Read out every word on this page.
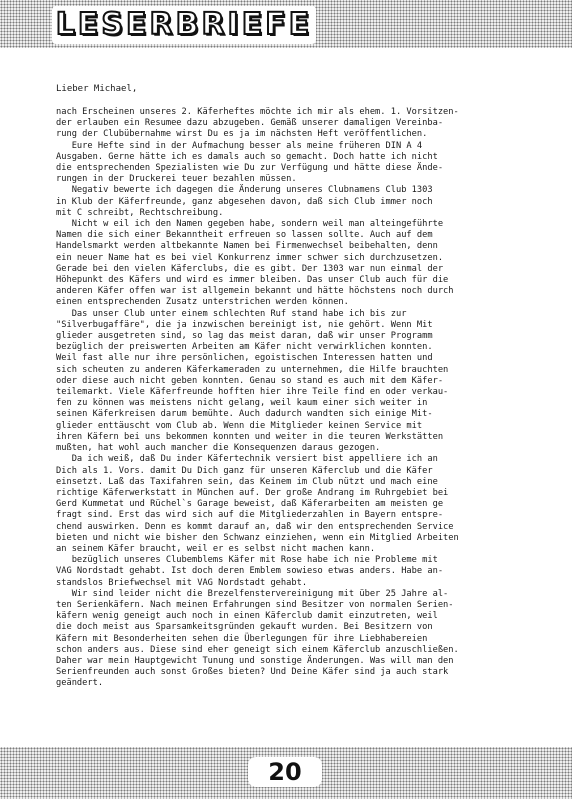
LESERBRIEFE
Lieber Michael,
nach Erscheinen unseres 2. Käferheftes möchte ich mir als ehem. 1. Vorsitzen-
der erlauben ein Resumee dazu abzugeben. Gemäß unserer damaligen Vereinba-
rung der Clubübernahme wirst Du es ja im nächsten Heft veröffentlichen.
Eure Hefte sind in der Aufmachung besser als meine früheren DIN A 4
Ausgaben. Gerne hätte ich es damals auch so gemacht. Doch hatte ich nicht
die entsprechenden Spezialisten wie Du zur Verfügung und hätte diese Ände-
rungen in der Druckerei teuer bezahlen müssen.
Negativ bewerte ich dagegen die Änderung unseres Clubnamens Club 1303
in Klub der Käferfreunde, ganz abgesehen davon, daß sich Club immer noch
mit C schreibt, Rechtschreibung.
Nicht w eil ich den Namen gegeben habe, sondern weil man alteingeführte
Namen die sich einer Bekanntheit erfreuen so lassen sollte. Auch auf dem
Handelsmarkt werden altbekannte Namen bei Firmenwechsel beibehalten, denn
ein neuer Name hat es bei viel Konkurrenz immer schwer sich durchzusetzen.
Gerade bei den vielen Käferclubs, die es gibt. Der 1303 war nun einmal der
Höhepunkt des Käfers und wird es immer bleiben. Das unser Club auch für die
anderen Käfer offen war ist allgemein bekannt und hätte höchstens noch durch
einen entsprechenden Zusatz unterstrichen werden können.
Das unser Club unter einem schlechten Ruf stand habe ich bis zur
"Silverbugaffäre", die ja inzwischen bereinigt ist, nie gehört. Wenn Mit
glieder ausgetreten sind, so lag das meist daran, daß wir unser Programm
bezüglich der preiswerten Arbeiten am Käfer nicht verwirklichen konnten.
Weil fast alle nur ihre persönlichen, egoistischen Interessen hatten und
sich scheuten zu anderen Käferkameraden zu unternehmen, die Hilfe brauchten
oder diese auch nicht geben konnten. Genau so stand es auch mit dem Käfer-
teilemarkt. Viele Käferfreunde hofften hier ihre Teile find en oder verkau-
fen zu können was meistens nicht gelang, weil kaum einer sich weiter in
seinen Käferkreisen darum bemühte. Auch dadurch wandten sich einige Mit-
glieder enttäuscht vom Club ab. Wenn die Mitglieder keinen Service mit
ihren Käfern bei uns bekommen konnten und weiter in die teuren Werkstätten
mußten, hat wohl auch mancher die Konsequenzen daraus gezogen.
Da ich weiß, daß Du inder Käfertechnik versiert bist appelliere ich an
Dich als 1. Vors. damit Du Dich ganz für unseren Käferclub und die Käfer
einsetzt. Laß das Taxifahren sein, das Keinem im Club nützt und mach eine
richtige Käferwerkstatt in München auf. Der große Andrang im Ruhrgebiet bei
Gerd Kummetat und Rüchel`s Garage beweist, daß Käferarbeiten am meisten ge
fragt sind. Erst das wird sich auf die Mitgliederzahlen in Bayern entspre-
chend auswirken. Denn es kommt darauf an, daß wir den entsprechenden Service
bieten und nicht wie bisher den Schwanz einziehen, wenn ein Mitglied Arbeiten
an seinem Käfer braucht, weil er es selbst nicht machen kann.
bezüglich unseres Clubemblems Käfer mit Rose habe ich nie Probleme mit
VAG Nordstadt gehabt. Ist doch deren Emblem sowieso etwas anders. Habe an-
standslos Briefwechsel mit VAG Nordstadt gehabt.
Wir sind leider nicht die Brezelfenstervereinigung mit über 25 Jahre al-
ten Serienkäfern. Nach meinen Erfahrungen sind Besitzer von normalen Serien-
käfern wenig geneigt auch noch in einen Käferclub damit einzutreten, weil
die doch meist aus Sparsamkeitsgründen gekauft wurden. Bei Besitzern von
Käfern mit Besonderheiten sehen die Überlegungen für ihre Liebhabereien
schon anders aus. Diese sind eher geneigt sich einem Käferclub anzuschließen.
Daher war mein Hauptgewicht Tunung und sonstige Änderungen. Was will man den
Serienfreunden auch sonst Großes bieten? Und Deine Käfer sind ja auch stark
geändert.
20
